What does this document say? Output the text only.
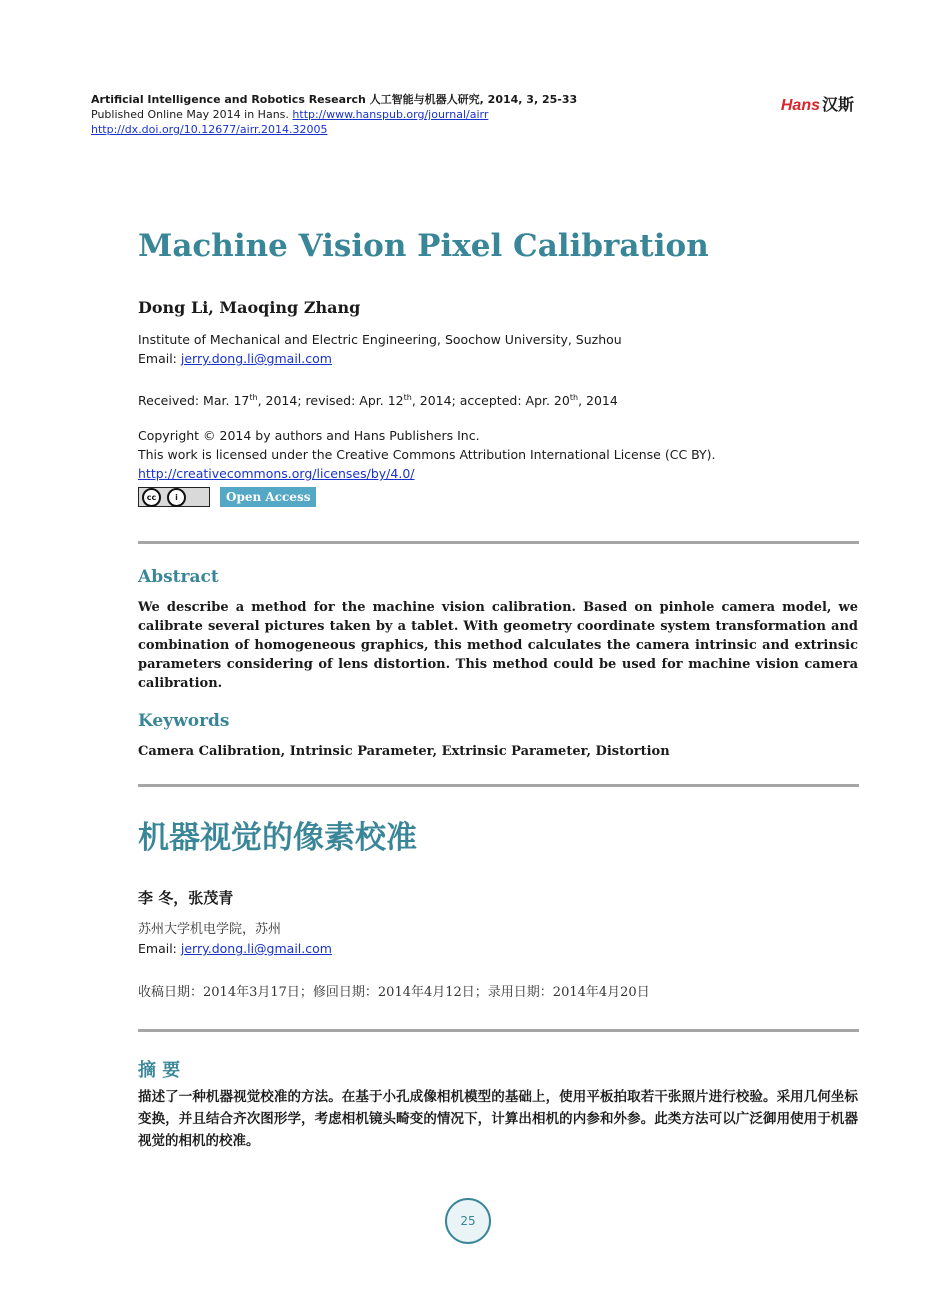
Artificial Intelligence and Robotics Research 人工智能与机器人研究, 2014, 3, 25-33
Published Online May 2014 in Hans. http://www.hanspub.org/journal/airr
http://dx.doi.org/10.12677/airr.2014.32005
Hans 汉斯
Machine Vision Pixel Calibration
Dong Li, Maoqing Zhang
Institute of Mechanical and Electric Engineering, Soochow University, Suzhou
Email: jerry.dong.li@gmail.com
Received: Mar. 17th, 2014; revised: Apr. 12th, 2014; accepted: Apr. 20th, 2014
Copyright © 2014 by authors and Hans Publishers Inc.
This work is licensed under the Creative Commons Attribution International License (CC BY).
http://creativecommons.org/licenses/by/4.0/
cc	i	Open Access
Abstract
We describe a method for the machine vision calibration. Based on pinhole camera model, we calibrate several pictures taken by a tablet. With geometry coordinate system transformation and combination of homogeneous graphics, this method calculates the camera intrinsic and extrinsic parameters considering of lens distortion. This method could be used for machine vision camera calibration.
Keywords
Camera Calibration, Intrinsic Parameter, Extrinsic Parameter, Distortion
机器视觉的像素校准
李 冬，张茂青
苏州大学机电学院，苏州
Email: jerry.dong.li@gmail.com
收稿日期：2014年3月17日；修回日期：2014年4月12日；录用日期：2014年4月20日
摘 要
描述了一种机器视觉校准的方法。在基于小孔成像相机模型的基础上，使用平板拍取若干张照片进行校验。采用几何坐标变换，并且结合齐次图形学，考虑相机镜头畸变的情况下，计算出相机的内参和外参。此类方法可以广泛御用使用于机器视觉的相机的校准。
25
